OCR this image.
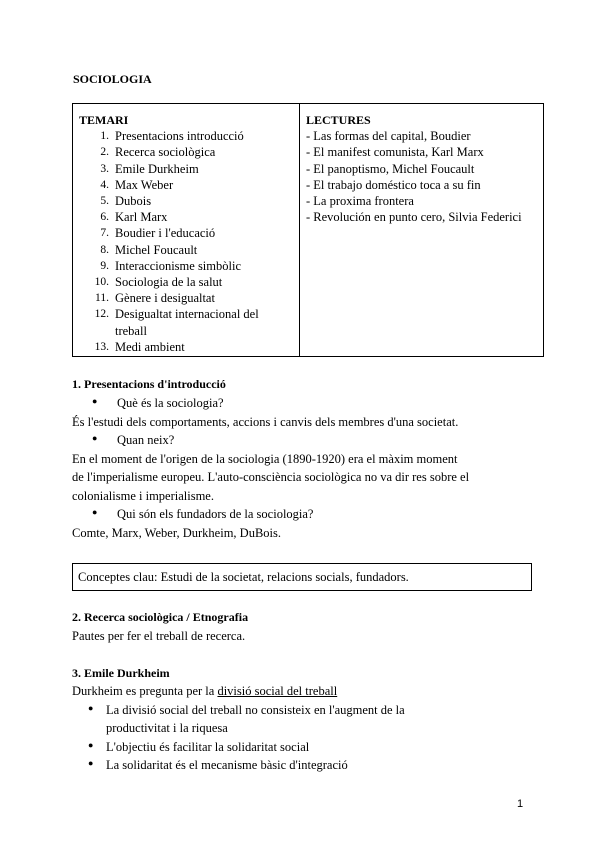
SOCIOLOGIA
TEMARI
1. Presentacions introducció
2. Recerca sociològica
3. Emile Durkheim
4. Max Weber
5. Dubois
6. Karl Marx
7. Boudier i l'educació
8. Michel Foucault
9. Interaccionisme simbòlic
10. Sociologia de la salut
11. Gènere i desigualtat
12. Desigualtat internacional del treball
13. Medi ambient

LECTURES
- Las formas del capital, Boudier
- El manifest comunista, Karl Marx
- El panoptismo, Michel Foucault
- El trabajo doméstico toca a su fin
- La proxima frontera
- Revolución en punto cero, Silvia Federici
1. Presentacions d'introducció
●	Què és la sociologia?
És l'estudi dels comportaments, accions i canvis dels membres d'una societat.
●	Quan neix?
En el moment de l'origen de la sociologia (1890-1920) era el màxim moment
de l'imperialisme europeu. L'auto-consciència sociològica no va dir res sobre el
colonialisme i imperialisme.
●	Qui són els fundadors de la sociologia?
Comte, Marx, Weber, Durkheim, DuBois.
Conceptes clau: Estudi de la societat, relacions socials, fundadors.
2. Recerca sociològica / Etnografia
Pautes per fer el treball de recerca.
3. Emile Durkheim
Durkheim es pregunta per la divisió social del treball
●	La divisió social del treball no consisteix en l'augment de la
productivitat i la riquesa
●	L'objectiu és facilitar la solidaritat social
●	La solidaritat és el mecanisme bàsic d'integració
1
